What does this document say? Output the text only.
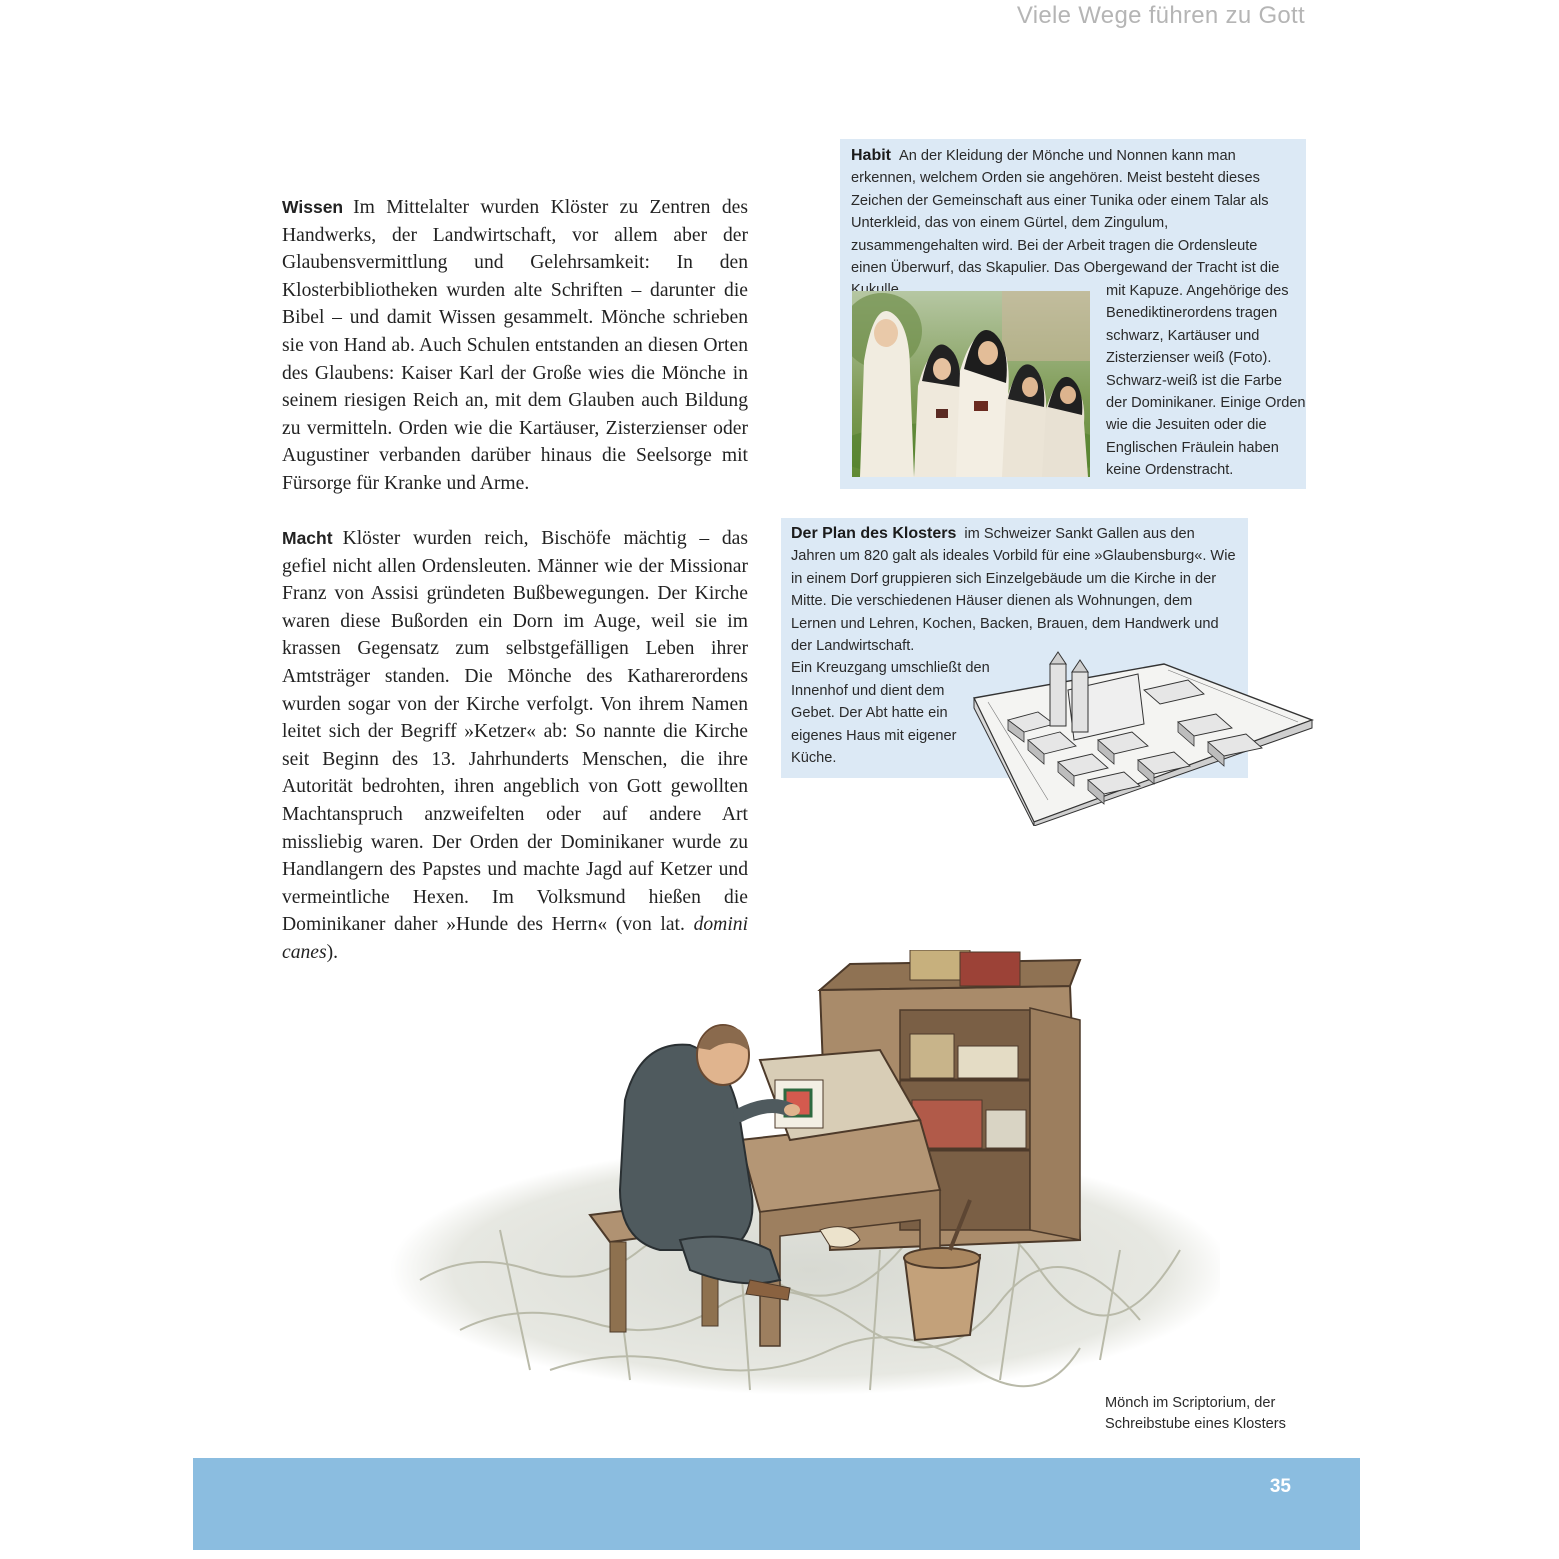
Viele Wege führen zu Gott

Wissen Im Mittelalter wurden Klöster zu Zentren des Handwerks, der Landwirtschaft, vor allem aber der Glaubensvermittlung und Gelehrsamkeit: In den Klosterbibliotheken wurden alte Schriften – darunter die Bibel – und damit Wissen gesammelt. Mönche schrieben sie von Hand ab. Auch Schulen entstanden an diesen Orten des Glaubens: Kaiser Karl der Große wies die Mönche in seinem riesigen Reich an, mit dem Glauben auch Bildung zu vermitteln. Orden wie die Kartäuser, Zisterzienser oder Augustiner verbanden darüber hinaus die Seelsorge mit Fürsorge für Kranke und Arme.

Macht Klöster wurden reich, Bischöfe mächtig – das gefiel nicht allen Ordensleuten. Männer wie der Missionar Franz von Assisi gründeten Bußbewegungen. Der Kirche waren diese Bußorden ein Dorn im Auge, weil sie im krassen Gegensatz zum selbstgefälligen Leben ihrer Amtsträger standen. Die Mönche des Katharerordens wurden sogar von der Kirche verfolgt. Von ihrem Namen leitet sich der Begriff »Ketzer« ab: So nannte die Kirche seit Beginn des 13. Jahrhunderts Menschen, die ihre Autorität bedrohten, ihren angeblich von Gott gewollten Machtanspruch anzweifelten oder auf andere Art missliebig waren. Der Orden der Dominikaner wurde zu Handlangern des Papstes und machte Jagd auf Ketzer und vermeintliche Hexen. Im Volksmund hießen die Dominikaner daher »Hunde des Herrn« (von lat. domini canes).

Habit An der Kleidung der Mönche und Nonnen kann man erkennen, welchem Orden sie angehören. Meist besteht dieses Zeichen der Gemeinschaft aus einer Tunika oder einem Talar als Unterkleid, das von einem Gürtel, dem Zingulum, zusammengehalten wird. Bei der Arbeit tragen die Ordensleute einen Überwurf, das Skapulier. Das Obergewand der Tracht ist die

mit Kapuze. Angehörige des Benediktinerordens tragen schwarz, Kartäuser und Zisterzienser weiß (Foto). Schwarz-weiß ist die Farbe der Dominikaner. Einige Orden wie die Jesuiten oder die Englischen Fräulein haben keine Ordenstracht.

Der Plan des Klosters im Schweizer Sankt Gallen aus den Jahren um 820 galt als ideales Vorbild für eine »Glaubensburg«. Wie in einem Dorf gruppieren sich Einzelgebäude um die Kirche in der Mitte. Die verschiedenen Häuser dienen als Wohnungen, dem Lernen und Lehren, Kochen, Backen, Brauen, dem Handwerk und der Landwirtschaft.

Ein Kreuzgang umschließt den Innenhof und dient dem Gebet. Der Abt hatte ein eigenes Haus mit eigener Küche.

Mönch im Scriptorium, der
Schreibstube eines Klosters
35
